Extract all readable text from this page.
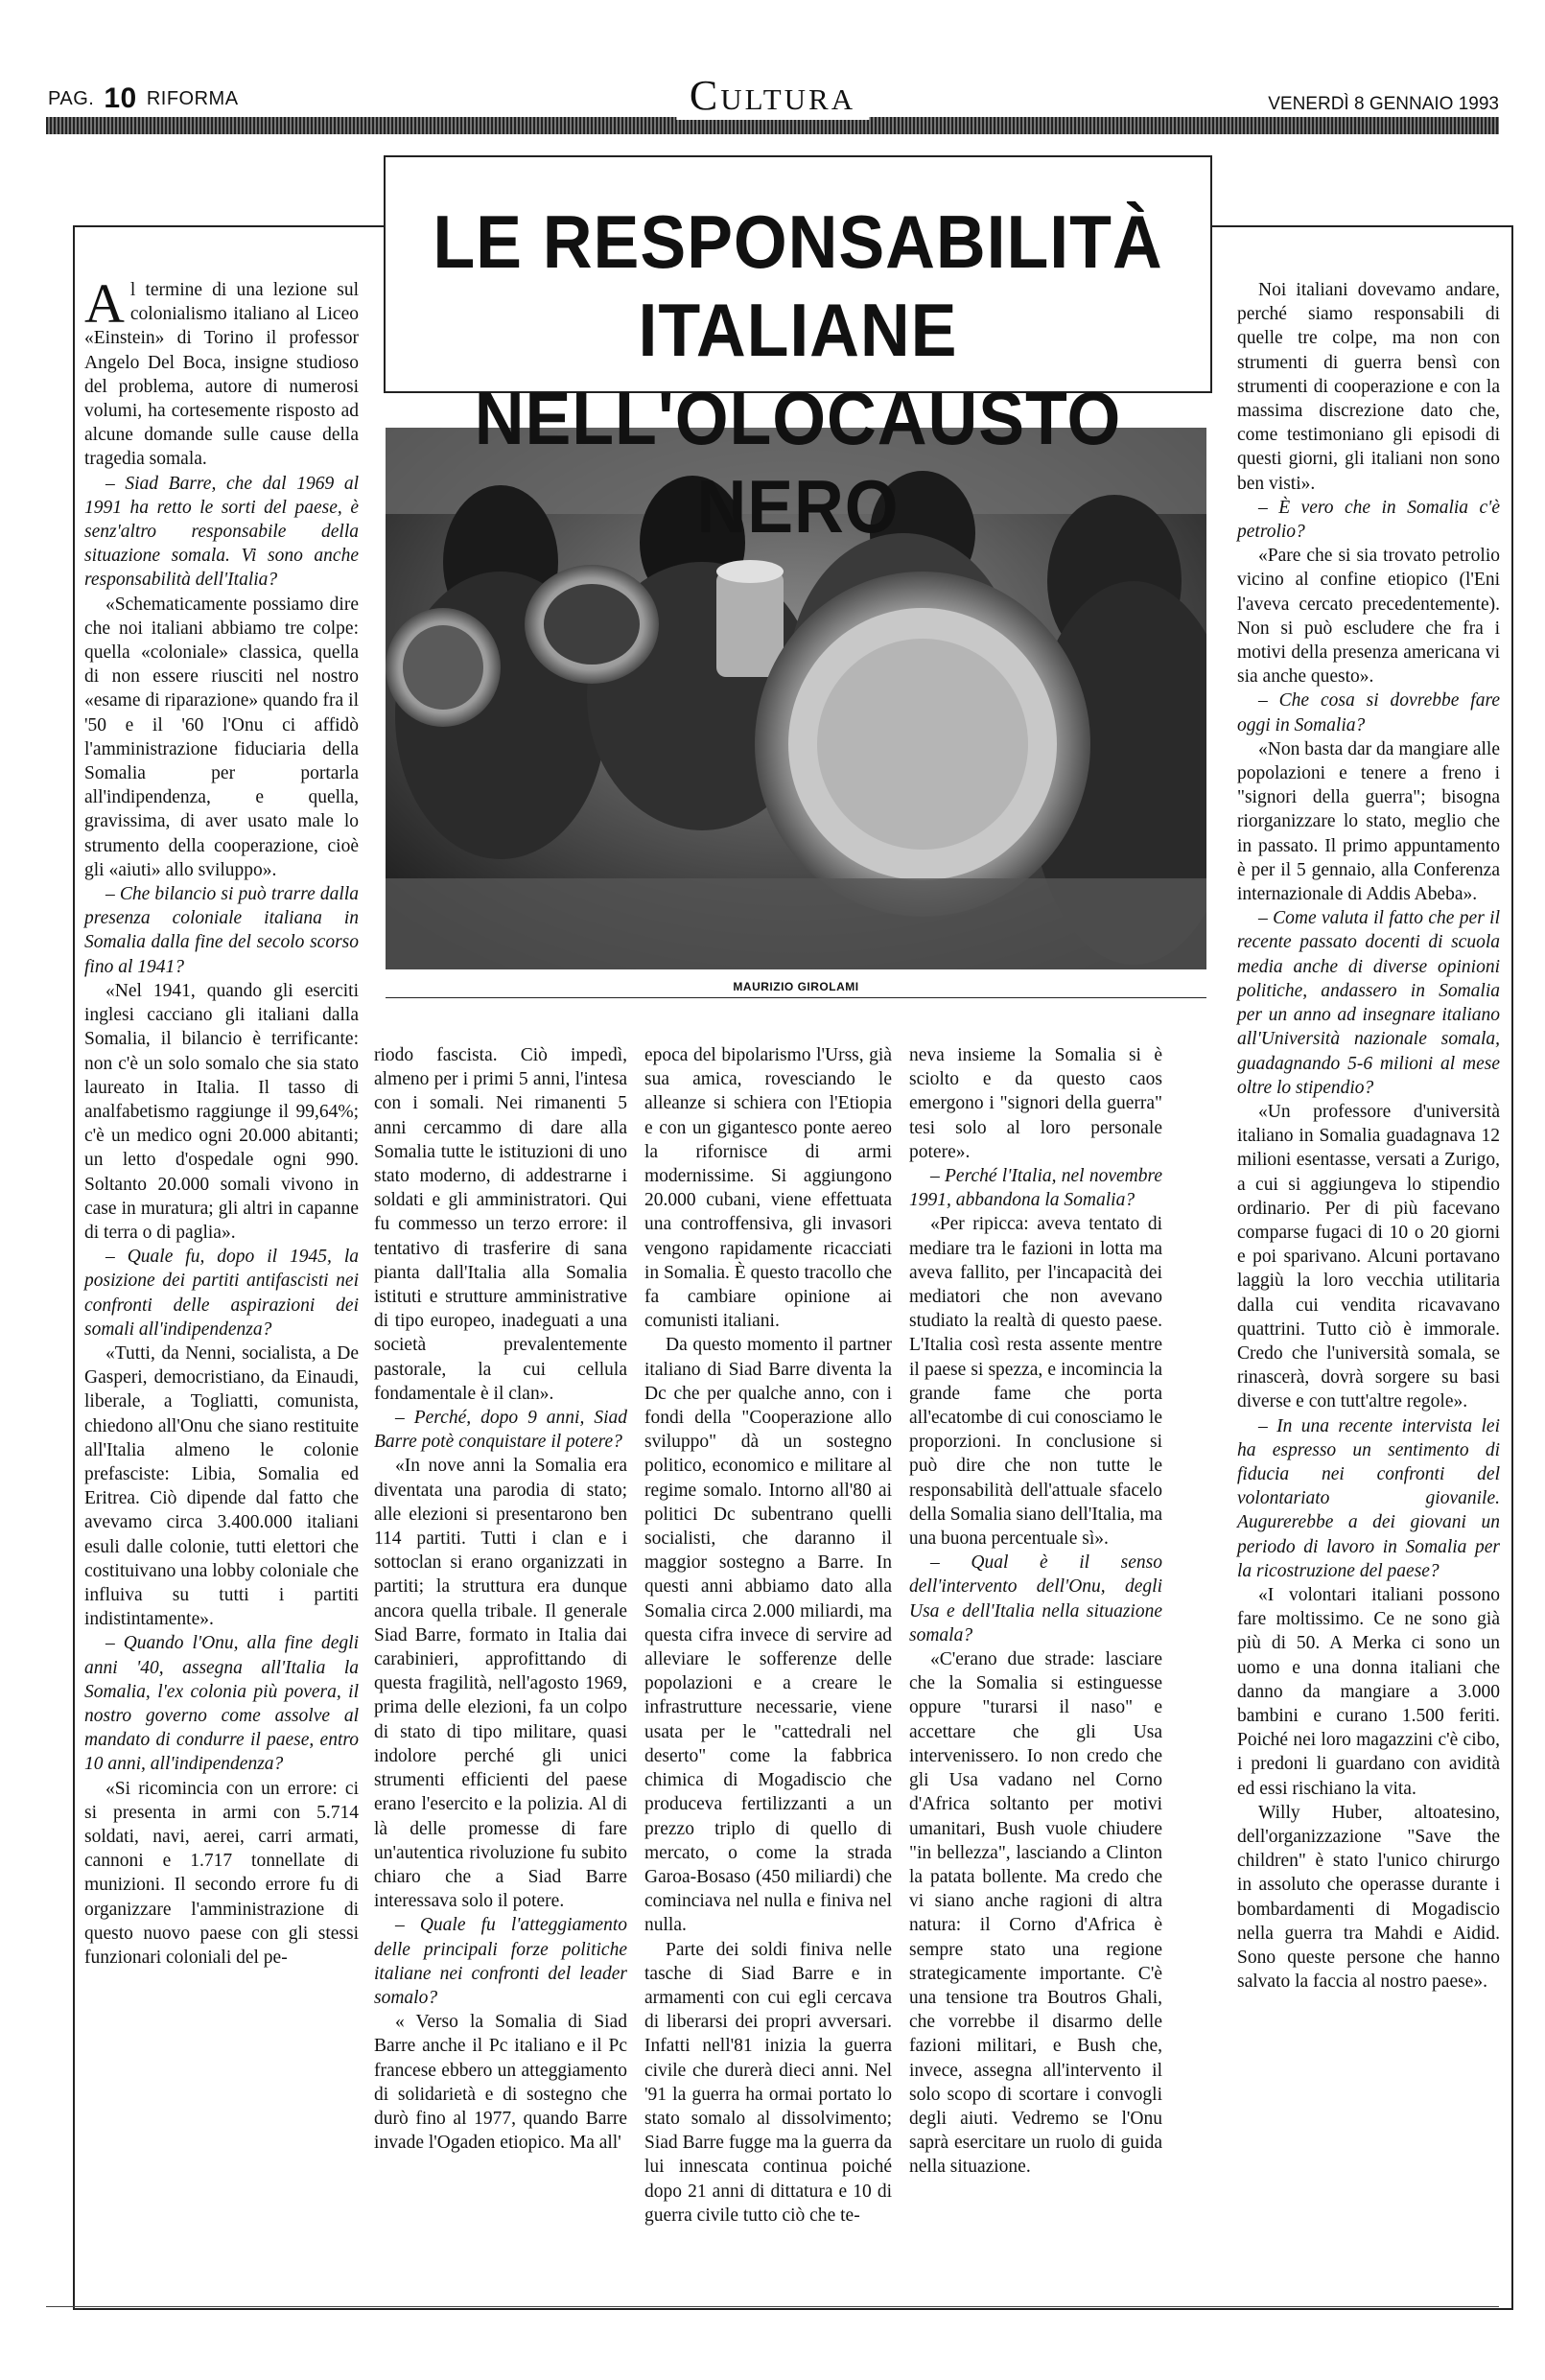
PAG. 10 RIFORMA	Cultura	VENERDÌ 8 GENNAIO 1993
LE RESPONSABILITÀ ITALIANE
NELL'OLOCAUSTO NERO
MAURIZIO GIROLAMI

Al termine di una lezione sul colonialismo italiano al Liceo «Einstein» di Torino il professor Angelo Del Boca, insigne studioso del problema, autore di numerosi volumi, ha cortesemente risposto ad alcune domande sulle cause della tragedia somala.

– Siad Barre, che dal 1969 al 1991 ha retto le sorti del paese, è senz'altro responsabile della situazione somala. Vi sono anche responsabilità dell'Italia?

«Schematicamente possiamo dire che noi italiani abbiamo tre colpe: quella «coloniale» classica, quella di non essere riusciti nel nostro «esame di riparazione» quando fra il '50 e il '60 l'Onu ci affidò l'amministrazione fiduciaria della Somalia per portarla all'indipendenza, e quella, gravissima, di aver usato male lo strumento della cooperazione, cioè gli «aiuti» allo sviluppo».

– Che bilancio si può trarre dalla presenza coloniale italiana in Somalia dalla fine del secolo scorso fino al 1941?

«Nel 1941, quando gli eserciti inglesi cacciano gli italiani dalla Somalia, il bilancio è terrificante: non c'è un solo somalo che sia stato laureato in Italia. Il tasso di analfabetismo raggiunge il 99,64%; c'è un medico ogni 20.000 abitanti; un letto d'ospedale ogni 990. Soltanto 20.000 somali vivono in case in muratura; gli altri in capanne di terra o di paglia».

– Quale fu, dopo il 1945, la posizione dei partiti antifascisti nei confronti delle aspirazioni dei somali all'indipendenza?

«Tutti, da Nenni, socialista, a De Gasperi, democristiano, da Einaudi, liberale, a Togliatti, comunista, chiedono all'Onu che siano restituite all'Italia almeno le colonie prefasciste: Libia, Somalia ed Eritrea. Ciò dipende dal fatto che avevamo circa 3.400.000 italiani esuli dalle colonie, tutti elettori che costituivano una lobby coloniale che influiva su tutti i partiti indistintamente».

– Quando l'Onu, alla fine degli anni '40, assegna all'Italia la Somalia, l'ex colonia più povera, il nostro governo come assolve al mandato di condurre il paese, entro 10 anni, all'indipendenza?

«Si ricomincia con un errore: ci si presenta in armi con 5.714 soldati, navi, aerei, carri armati, cannoni e 1.717 tonnellate di munizioni. Il secondo errore fu di organizzare l'amministrazione di questo nuovo paese con gli stessi funzionari coloniali del pe-

riodo fascista. Ciò impedì, almeno per i primi 5 anni, l'intesa con i somali. Nei rimanenti 5 anni cercammo di dare alla Somalia tutte le istituzioni di uno stato moderno, di addestrarne i soldati e gli amministratori. Qui fu commesso un terzo errore: il tentativo di trasferire di sana pianta dall'Italia alla Somalia istituti e strutture amministrative di tipo europeo, inadeguati a una società prevalentemente pastorale, la cui cellula fondamentale è il clan».

– Perché, dopo 9 anni, Siad Barre potè conquistare il potere?

«In nove anni la Somalia era diventata una parodia di stato; alle elezioni si presentarono ben 114 partiti. Tutti i clan e i sottoclan si erano organizzati in partiti; la struttura era dunque ancora quella tribale. Il generale Siad Barre, formato in Italia dai carabinieri, approfittando di questa fragilità, nell'agosto 1969, prima delle elezioni, fa un colpo di stato di tipo militare, quasi indolore perché gli unici strumenti efficienti del paese erano l'esercito e la polizia. Al di là delle promesse di fare un'autentica rivoluzione fu subito chiaro che a Siad Barre interessava solo il potere.

– Quale fu l'atteggiamento delle principali forze politiche italiane nei confronti del leader somalo?

« Verso la Somalia di Siad Barre anche il Pc italiano e il Pc francese ebbero un atteggiamento di solidarietà e di sostegno che durò fino al 1977, quando Barre invade l'Ogaden etiopico. Ma all'

epoca del bipolarismo l'Urss, già sua amica, rovesciando le alleanze si schiera con l'Etiopia e con un gigantesco ponte aereo la rifornisce di armi modernissime. Si aggiungono 20.000 cubani, viene effettuata una controffensiva, gli invasori vengono rapidamente ricacciati in Somalia. È questo tracollo che fa cambiare opinione ai comunisti italiani.

Da questo momento il partner italiano di Siad Barre diventa la Dc che per qualche anno, con i fondi della "Cooperazione allo sviluppo" dà un sostegno politico, economico e militare al regime somalo. Intorno all'80 ai politici Dc subentrano quelli socialisti, che daranno il maggior sostegno a Barre. In questi anni abbiamo dato alla Somalia circa 2.000 miliardi, ma questa cifra invece di servire ad alleviare le sofferenze delle popolazioni e a creare le infrastrutture necessarie, viene usata per le "cattedrali nel deserto" come la fabbrica chimica di Mogadiscio che produceva fertilizzanti a un prezzo triplo di quello di mercato, o come la strada Garoa-Bosaso (450 miliardi) che cominciava nel nulla e finiva nel nulla.

Parte dei soldi finiva nelle tasche di Siad Barre e in armamenti con cui egli cercava di liberarsi dei propri avversari. Infatti nell'81 inizia la guerra civile che durerà dieci anni. Nel '91 la guerra ha ormai portato lo stato somalo al dissolvimento; Siad Barre fugge ma la guerra da lui innescata continua poiché dopo 21 anni di dittatura e 10 di guerra civile tutto ciò che te-

neva insieme la Somalia si è sciolto e da questo caos emergono i "signori della guerra" tesi solo al loro personale potere».

– Perché l'Italia, nel novembre 1991, abbandona la Somalia?

«Per ripicca: aveva tentato di mediare tra le fazioni in lotta ma aveva fallito, per l'incapacità dei mediatori che non avevano studiato la realtà di questo paese. L'Italia così resta assente mentre il paese si spezza, e incomincia la grande fame che porta all'ecatombe di cui conosciamo le proporzioni. In conclusione si può dire che non tutte le responsabilità dell'attuale sfacelo della Somalia siano dell'Italia, ma una buona percentuale sì».

– Qual è il senso dell'intervento dell'Onu, degli Usa e dell'Italia nella situazione somala?

«C'erano due strade: lasciare che la Somalia si estinguesse oppure "turarsi il naso" e accettare che gli Usa intervenissero. Io non credo che gli Usa vadano nel Corno d'Africa soltanto per motivi umanitari, Bush vuole chiudere "in bellezza", lasciando a Clinton la patata bollente. Ma credo che vi siano anche ragioni di altra natura: il Corno d'Africa è sempre stato una regione strategicamente importante. C'è una tensione tra Boutros Ghali, che vorrebbe il disarmo delle fazioni militari, e Bush che, invece, assegna all'intervento il solo scopo di scortare i convogli degli aiuti. Vedremo se l'Onu saprà esercitare un ruolo di guida nella situazione.

Noi italiani dovevamo andare, perché siamo responsabili di quelle tre colpe, ma non con strumenti di guerra bensì con strumenti di cooperazione e con la massima discrezione dato che, come testimoniano gli episodi di questi giorni, gli italiani non sono ben visti».

– È vero che in Somalia c'è petrolio?

«Pare che si sia trovato petrolio vicino al confine etiopico (l'Eni l'aveva cercato precedentemente). Non si può escludere che fra i motivi della presenza americana vi sia anche questo».

– Che cosa si dovrebbe fare oggi in Somalia?

«Non basta dar da mangiare alle popolazioni e tenere a freno i "signori della guerra"; bisogna riorganizzare lo stato, meglio che in passato. Il primo appuntamento è per il 5 gennaio, alla Conferenza internazionale di Addis Abeba».

– Come valuta il fatto che per il recente passato docenti di scuola media anche di diverse opinioni politiche, andassero in Somalia per un anno ad insegnare italiano all'Università nazionale somala, guadagnando 5-6 milioni al mese oltre lo stipendio?

«Un professore d'università italiano in Somalia guadagnava 12 milioni esentasse, versati a Zurigo, a cui si aggiungeva lo stipendio ordinario. Per di più facevano comparse fugaci di 10 o 20 giorni e poi sparivano. Alcuni portavano laggiù la loro vecchia utilitaria dalla cui vendita ricavavano quattrini. Tutto ciò è immorale. Credo che l'università somala, se rinascerà, dovrà sorgere su basi diverse e con tutt'altre regole».

– In una recente intervista lei ha espresso un sentimento di fiducia nei confronti del volontariato giovanile. Augurerebbe a dei giovani un periodo di lavoro in Somalia per la ricostruzione del paese?

«I volontari italiani possono fare moltissimo. Ce ne sono già più di 50. A Merka ci sono un uomo e una donna italiani che danno da mangiare a 3.000 bambini e curano 1.500 feriti. Poiché nei loro magazzini c'è cibo, i predoni li guardano con avidità ed essi rischiano la vita.

Willy Huber, altoatesino, dell'organizzazione "Save the children" è stato l'unico chirurgo in assoluto che operasse durante i bombardamenti di Mogadiscio nella guerra tra Mahdi e Aidid. Sono queste persone che hanno salvato la faccia al nostro paese».
